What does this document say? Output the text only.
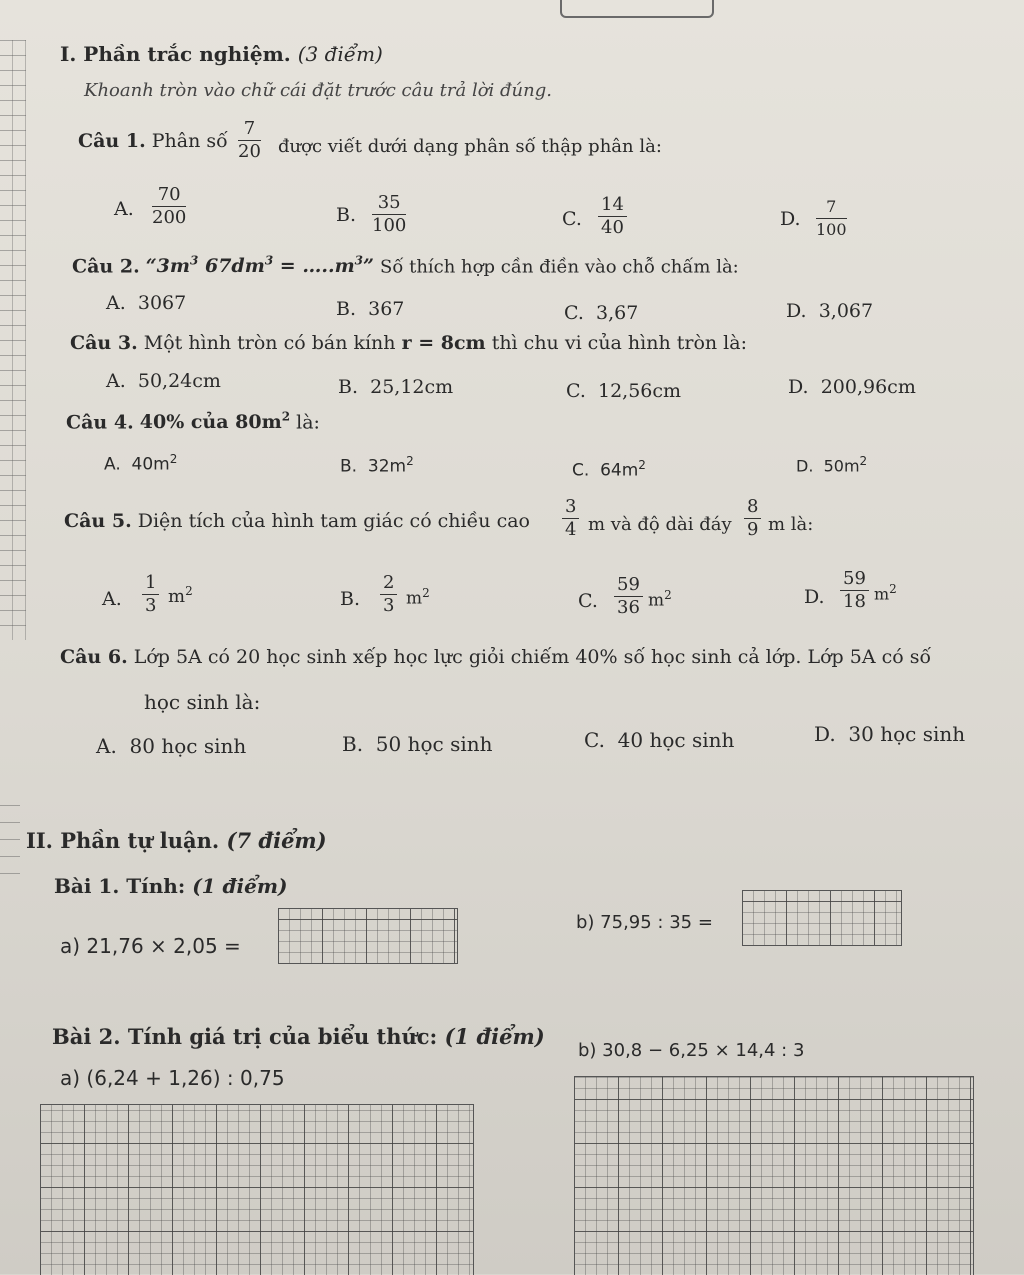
I. Phần trắc nghiệm. (3 điểm)
Khoanh tròn vào chữ cái đặt trước câu trả lời đúng.
Câu 1. Phân số $\frac{7}{20}$ được viết dưới dạng phân số thập phân là:
A. $\frac{70}{200}$	B. $\frac{35}{100}$	C. $\frac{14}{40}$	D. $\frac{7}{100}$
Câu 2. “$3m^3$ $67dm^3$ = $\dots..m^3$” Số thích hợp cần điền vào chỗ chấm là:
A. 3067	B. 367	C. 3,67	D. 3,067
Câu 3. Một hình tròn có bán kính r = 8cm thì chu vi của hình tròn là:
A. 50,24cm	B. 25,12cm	C. 12,56cm	D. 200,96cm
Câu 4. 40% của $80m^2$ là:
A. $40m^2$	B. $32m^2$	C. $64m^2$	D. $50m^2$
Câu 5. Diện tích của hình tam giác có chiều cao $\frac{3}{4}$ m và độ dài đáy $\frac{8}{9}$ m là:
A. $\frac{1}{3} m^2$	B. $\frac{2}{3} m^2$	C. $\frac{59}{36} m^2$	D. $\frac{59}{18} m^2$
Câu 6. Lớp 5A có 20 học sinh xếp học lực giỏi chiếm 40% số học sinh cả lớp. Lớp 5A có số
học sinh là:
A. 80 học sinh	B. 50 học sinh	C. 40 học sinh	D. 30 học sinh
II. Phần tự luận. (7 điểm)
Bài 1. Tính: (1 điểm)
a) 21,76 × 2,05 =
b) 75,95 : 35 =
Bài 2. Tính giá trị của biểu thức: (1 điểm)
b) 30,8 − 6,25 × 14,4 : 3
a) (6,24 + 1,26) : 0,75
